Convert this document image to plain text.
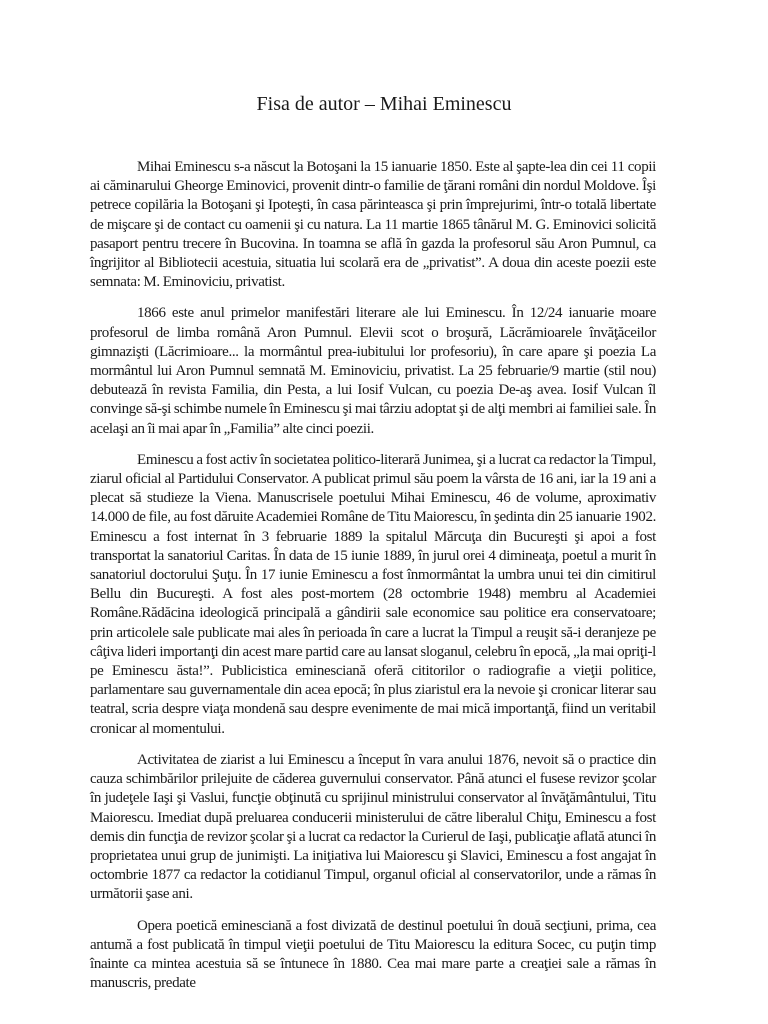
Fisa de autor – Mihai Eminescu

Mihai Eminescu s-a născut la Botoşani la 15 ianuarie 1850. Este al şapte-lea din cei 11 copii ai căminarului Gheorge Eminovici, provenit dintr-o familie de ţărani români din nordul Moldove. Îşi petrece copilăria la Botoşani şi Ipoteşti, în casa părinteasca şi prin împrejurimi, într-o totală libertate de mişcare şi de contact cu oamenii şi cu natura. La 11 martie 1865 tânărul M. G. Eminovici solicită pasaport pentru trecere în Bucovina. In toamna se află în gazda la profesorul său Aron Pumnul, ca îngrijitor al Bibliotecii acestuia, situatia lui scolară era de „privatist”. A doua din aceste poezii este semnata: M. Eminoviciu, privatist.

1866 este anul primelor manifestări literare ale lui Eminescu. În 12/24 ianuarie moare profesorul de limba română Aron Pumnul. Elevii scot o broşură, Lăcrămioarele învăţăceilor gimnazişti (Lăcrimioare... la mormântul prea-iubitului lor profesoriu), în care apare şi poezia La mormântul lui Aron Pumnul semnată M. Eminoviciu, privatist. La 25 februarie/9 martie (stil nou) debutează în revista Familia, din Pesta, a lui Iosif Vulcan, cu poezia De-aş avea. Iosif Vulcan îl convinge să-şi schimbe numele în Eminescu şi mai târziu adoptat şi de alţi membri ai familiei sale. În acelaşi an îi mai apar în „Familia” alte cinci poezii.

Eminescu a fost activ în societatea politico-literară Junimea, şi a lucrat ca redactor la Timpul, ziarul oficial al Partidului Conservator. A publicat primul său poem la vârsta de 16 ani, iar la 19 ani a plecat să studieze la Viena. Manuscrisele poetului Mihai Eminescu, 46 de volume, aproximativ 14.000 de file, au fost dăruite Academiei Române de Titu Maiorescu, în şedinta din 25 ianuarie 1902. Eminescu a fost internat în 3 februarie 1889 la spitalul Mărcuţa din Bucureşti şi apoi a fost transportat la sanatoriul Caritas. În data de 15 iunie 1889, în jurul orei 4 dimineaţa, poetul a murit în sanatoriul doctorului Şuţu. În 17 iunie Eminescu a fost înmormântat la umbra unui tei din cimitirul Bellu din Bucureşti. A fost ales post-mortem (28 octombrie 1948) membru al Academiei Române.Rădăcina ideologică principală a gândirii sale economice sau politice era conservatoare; prin articolele sale publicate mai ales în perioada în care a lucrat la Timpul a reuşit să-i deranjeze pe câţiva lideri importanţi din acest mare partid care au lansat sloganul, celebru în epocă, „la mai opriţi-l pe Eminescu ăsta!”. Publicistica eminesciană oferă cititorilor o radiografie a vieţii politice, parlamentare sau guvernamentale din acea epocă; în plus ziaristul era la nevoie şi cronicar literar sau teatral, scria despre viaţa mondenă sau despre evenimente de mai mică importanţă, fiind un veritabil cronicar al momentului.

Activitatea de ziarist a lui Eminescu a început în vara anului 1876, nevoit să o practice din cauza schimbărilor prilejuite de căderea guvernului conservator. Până atunci el fusese revizor şcolar în judeţele Iaşi şi Vaslui, funcţie obţinută cu sprijinul ministrului conservator al învăţământului, Titu Maiorescu. Imediat după preluarea conducerii ministerului de către liberalul Chiţu, Eminescu a fost demis din funcţia de revizor şcolar şi a lucrat ca redactor la Curierul de Iaşi, publicaţie aflată atunci în proprietatea unui grup de junimişti. La iniţiativa lui Maiorescu şi Slavici, Eminescu a fost angajat în octombrie 1877 ca redactor la cotidianul Timpul, organul oficial al conservatorilor, unde a rămas în următorii şase ani.

Opera poetică eminesciană a fost divizată de destinul poetului în două secţiuni, prima, cea antumă a fost publicată în timpul vieţii poetului de Titu Maiorescu la editura Socec, cu puţin timp înainte ca mintea acestuia să se întunece în 1880. Cea mai mare parte a creaţiei sale a rămas în manuscris, predate
